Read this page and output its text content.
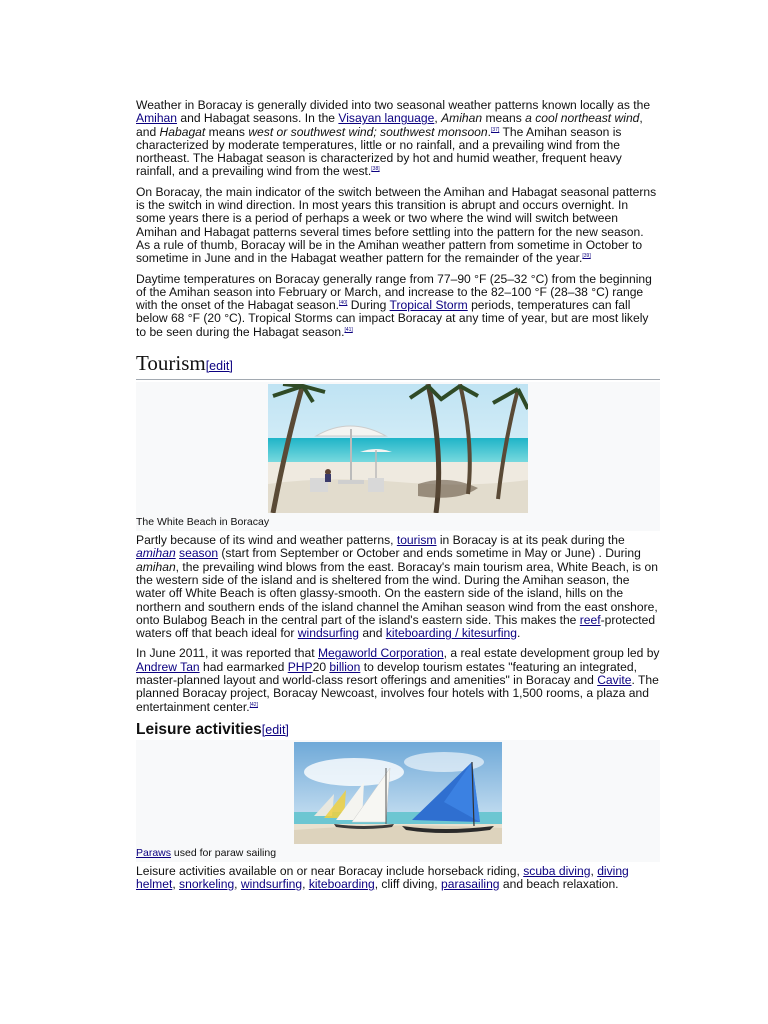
Weather in Boracay is generally divided into two seasonal weather patterns known locally as the Amihan and Habagat seasons. In the Visayan language, Amihan means a cool northeast wind, and Habagat means west or southwest wind; southwest monsoon.[37] The Amihan season is characterized by moderate temperatures, little or no rainfall, and a prevailing wind from the northeast. The Habagat season is characterized by hot and humid weather, frequent heavy rainfall, and a prevailing wind from the west.[38]

On Boracay, the main indicator of the switch between the Amihan and Habagat seasonal patterns is the switch in wind direction. In most years this transition is abrupt and occurs overnight. In some years there is a period of perhaps a week or two where the wind will switch between Amihan and Habagat patterns several times before settling into the pattern for the new season. As a rule of thumb, Boracay will be in the Amihan weather pattern from sometime in October to sometime in June and in the Habagat weather pattern for the remainder of the year.[39]

Daytime temperatures on Boracay generally range from 77–90 °F (25–32 °C) from the beginning of the Amihan season into February or March, and increase to the 82–100 °F (28–38 °C) range with the onset of the Habagat season.[40] During Tropical Storm periods, temperatures can fall below 68 °F (20 °C). Tropical Storms can impact Boracay at any time of year, but are most likely to be seen during the Habagat season.[41]

Tourism[edit]
The White Beach in Boracay

Partly because of its wind and weather patterns, tourism in Boracay is at its peak during the amihan season (start from September or October and ends sometime in May or June) . During amihan, the prevailing wind blows from the east. Boracay's main tourism area, White Beach, is on the western side of the island and is sheltered from the wind. During the Amihan season, the water off White Beach is often glassy-smooth. On the eastern side of the island, hills on the northern and southern ends of the island channel the Amihan season wind from the east onshore, onto Bulabog Beach in the central part of the island's eastern side. This makes the reef-protected waters off that beach ideal for windsurfing and kiteboarding / kitesurfing.

In June 2011, it was reported that Megaworld Corporation, a real estate development group led by Andrew Tan had earmarked PHP20 billion to develop tourism estates "featuring an integrated, master-planned layout and world-class resort offerings and amenities" in Boracay and Cavite. The planned Boracay project, Boracay Newcoast, involves four hotels with 1,500 rooms, a plaza and entertainment center.[42]

Leisure activities[edit]
Paraws used for paraw sailing

Leisure activities available on or near Boracay include horseback riding, scuba diving, diving helmet, snorkeling, windsurfing, kiteboarding, cliff diving, parasailing and beach relaxation.
